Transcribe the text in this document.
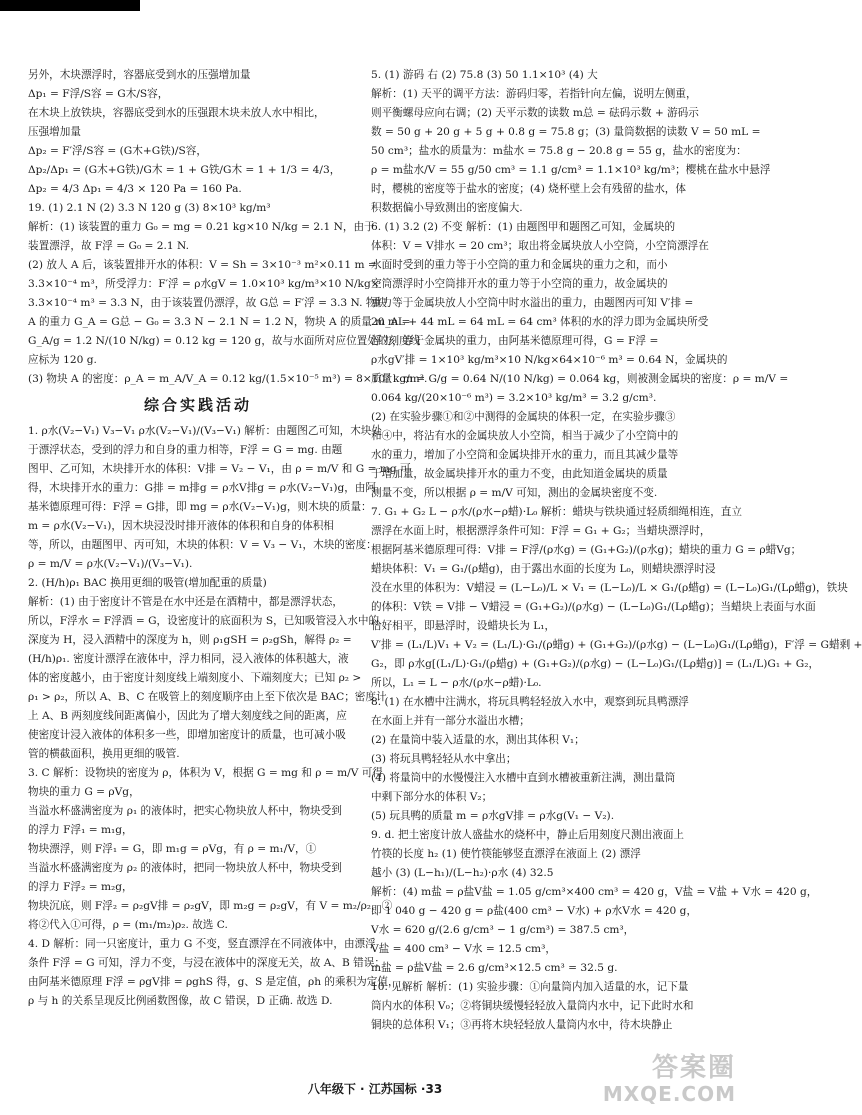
另外，木块漂浮时，容器底受到水的压强增加量
Δp₁ = F浮/S容 = G木/S容，
在木块上放铁块，容器底受到水的压强跟木块未放人水中相比，
压强增加量
Δp₂ = F′浮/S容 = (G木+G铁)/S容，
Δp₂/Δp₁ = (G木+G铁)/G木 = 1 + G铁/G木 = 1 + 1/3 = 4/3，
Δp₂ = 4/3 Δp₁ = 4/3 × 120 Pa = 160 Pa.
19. (1) 2.1 N (2) 3.3 N 120 g (3) 8×10³ kg/m³
解析：(1) 该装置的重力 G₀ = mg = 0.21 kg×10 N/kg = 2.1 N，由于
装置漂浮，故 F浮 = G₀ = 2.1 N.
(2) 放人 A 后，该装置排开水的体积：V = Sh = 3×10⁻³ m²×0.11 m =
3.3×10⁻⁴ m³，所受浮力：F′浮 = ρ水gV = 1.0×10³ kg/m³×10 N/kg×
3.3×10⁻⁴ m³ = 3.3 N，由于该装置仍漂浮，故 G总 = F′浮 = 3.3 N. 物块
A 的重力 G_A = G总 − G₀ = 3.3 N − 2.1 N = 1.2 N，物块 A 的质量 m_A =
G_A/g = 1.2 N/(10 N/kg) = 0.12 kg = 120 g，故与水面所对应位置处的刻度线
应标为 120 g.
(3) 物块 A 的密度：ρ_A = m_A/V_A = 0.12 kg/(1.5×10⁻⁵ m³) = 8×10³ kg/m³.
综合实践活动
1. ρ水(V₂−V₁) V₃−V₁ ρ水(V₂−V₁)/(V₃−V₁) 解析：由题图乙可知，木块处
于漂浮状态，受到的浮力和自身的重力相等，F浮 = G = mg. 由题
图甲、乙可知，木块排开水的体积：V排 = V₂ − V₁，由 ρ = m/V 和 G = mg 可
得，木块排开水的重力：G排 = m排g = ρ水V排g = ρ水(V₂−V₁)g，由阿
基米德原理可得：F浮 = G排，即 mg = ρ水(V₂−V₁)g，则木块的质量：
m = ρ水(V₂−V₁)，因木块浸没时排开液体的体积和自身的体积相
等，所以，由题图甲、丙可知，木块的体积：V = V₃ − V₁，木块的密度：
ρ = m/V = ρ水(V₂−V₁)/(V₃−V₁).
2. (H/h)ρ₁ BAC 换用更细的吸管(增加配重的质量)
解析：(1) 由于密度计不管是在水中还是在酒精中，都是漂浮状态，
所以，F浮水 = F浮酒 = G，设密度计的底面积为 S，已知吸管浸入水中的
深度为 H，浸入酒精中的深度为 h，则 ρ₁gSH = ρ₂gSh，解得 ρ₂ =
(H/h)ρ₁. 密度计漂浮在液体中，浮力相同，浸入液体的体积越大，液
体的密度越小，由于密度计刻度线上端刻度小、下端刻度大；已知 ρ₂ >
ρ₁ > ρ₂，所以 A、B、C 在吸管上的刻度顺序由上至下依次是 BAC；密度计
上 A、B 两刻度线间距离偏小，因此为了增大刻度线之间的距离，应
使密度计浸入液体的体积多一些，即增加密度计的质量，也可减小吸
管的横截面积，换用更细的吸管.
3. C 解析：设物块的密度为 ρ，体积为 V，根据 G = mg 和 ρ = m/V 可得
物块的重力 G = ρVg，
当溢水杯盛满密度为 ρ₁ 的液体时，把实心物块放人杯中，物块受到
的浮力 F浮₁ = m₁g，
物块漂浮，则 F浮₁ = G，即 m₁g = ρVg，有 ρ = m₁/V，①
当溢水杯盛满密度为 ρ₂ 的液体时，把同一物块放人杯中，物块受到
的浮力 F浮₂ = m₂g，
物块沉底，则 F浮₂ = ρ₂gV排 = ρ₂gV，即 m₂g = ρ₂gV，有 V = m₂/ρ₂，②
将②代入①可得，ρ = (m₁/m₂)ρ₂. 故选 C.
4. D 解析：同一只密度计，重力 G 不变，竖直漂浮在不同液体中，由漂浮
条件 F浮 = G 可知，浮力不变，与浸在液体中的深度无关，故 A、B 错误；
由阿基米德原理 F浮 = ρgV排 = ρghS 得，g、S 是定值，ρh 的乘积为定值，
ρ 与 h 的关系呈现反比例函数图像，故 C 错误，D 正确. 故选 D.
5. (1) 游码 右 (2) 75.8 (3) 50 1.1×10³ (4) 大
解析：(1) 天平的调平方法：游码归零，若指针向左偏，说明左侧重，
则平衡螺母应向右调；(2) 天平示数的读数 m总 = 砝码示数 + 游码示
数 = 50 g + 20 g + 5 g + 0.8 g = 75.8 g；(3) 量筒数据的读数 V = 50 mL =
50 cm³；盐水的质量为：m盐水 = 75.8 g − 20.8 g = 55 g，盐水的密度为：
ρ = m盐水/V = 55 g/50 cm³ = 1.1 g/cm³ = 1.1×10³ kg/m³；樱桃在盐水中悬浮
时，樱桃的密度等于盐水的密度；(4) 烧杯壁上会有残留的盐水，体
积数据偏小导致测出的密度偏大.
6. (1) 3.2 (2) 不变 解析：(1) 由题图甲和题图乙可知，金属块的
体积：V = V排水 = 20 cm³；取出将金属块放人小空筒，小空筒漂浮在
水面时受到的重力等于小空筒的重力和金属块的重力之和，而小
空筒漂浮时小空筒排开水的重力等于小空筒的重力，故金属块的
重力等于金属块放人小空筒中时水溢出的重力，由题图丙可知 V′排 =
20 mL + 44 mL = 64 mL = 64 cm³ 体积的水的浮力即为金属块所受
浮力，等于金属块的重力，由阿基米德原理可得，G = F浮 =
ρ水gV′排 = 1×10³ kg/m³×10 N/kg×64×10⁻⁶ m³ = 0.64 N，金属块的
质量：m = G/g = 0.64 N/(10 N/kg) = 0.064 kg，则被测金属块的密度：ρ = m/V =
0.064 kg/(20×10⁻⁶ m³) = 3.2×10³ kg/m³ = 3.2 g/cm³.
(2) 在实验步骤①和②中测得的金属块的体积一定，在实验步骤③
和④中，将沾有水的金属块放人小空筒，相当于减少了小空筒中的
水的重力，增加了小空筒和金属块排开水的重力，而且其减少量等
于增加量，故金属块排开水的重力不变，由此知道金属块的质量
测量不变，所以根据 ρ = m/V 可知，测出的金属块密度不变.
7. G₁ + G₂ L − ρ水/(ρ水−ρ蜡)·L₀ 解析：蜡块与铁块通过轻质细绳相连，直立
漂浮在水面上时，根据漂浮条件可知：F浮 = G₁ + G₂；当蜡块漂浮时，
根据阿基米德原理可得：V排 = F浮/(ρ水g) = (G₁+G₂)/(ρ水g)；蜡块的重力 G = ρ蜡Vg；
蜡块体积：V₁ = G₁/(ρ蜡g)，由于露出水面的长度为 L₀，则蜡块漂浮时浸
没在水里的体积为：V蜡浸 = (L−L₀)/L × V₁ = (L−L₀)/L × G₁/(ρ蜡g) = (L−L₀)G₁/(Lρ蜡g)，铁块
的体积：V铁 = V排 − V蜡浸 = (G₁+G₂)/(ρ水g) − (L−L₀)G₁/(Lρ蜡g)；当蜡块上表面与水面
恰好相平，即悬浮时，设蜡块长为 L₁，
V′排 = (L₁/L)V₁ + V₂ = (L₁/L)·G₁/(ρ蜡g) + (G₁+G₂)/(ρ水g) − (L−L₀)G₁/(Lρ蜡g)，F′浮 = G蜡剩 +
G₂，即 ρ水g[(L₁/L)·G₁/(ρ蜡g) + (G₁+G₂)/(ρ水g) − (L−L₀)G₁/(Lρ蜡g)] = (L₁/L)G₁ + G₂，
所以，L₁ = L − ρ水/(ρ水−ρ蜡)·L₀.
8. (1) 在水槽中注满水，将玩具鸭轻轻放入水中，观察到玩具鸭漂浮
在水面上并有一部分水溢出水槽；
(2) 在量筒中装入适量的水，测出其体积 V₁；
(3) 将玩具鸭轻轻从水中拿出；
(4) 将量筒中的水慢慢注入水槽中直到水槽被重新注满，测出量筒
中剩下部分水的体积 V₂；
(5) 玩具鸭的质量 m = ρ水gV排 = ρ水g(V₁ − V₂).
9. d. 把土密度计放人盛盐水的烧杯中，静止后用刻度尺测出液面上
竹筷的长度 h₂ (1) 使竹筷能够竖直漂浮在液面上 (2) 漂浮
越小 (3) (L−h₁)/(L−h₂)·ρ水 (4) 32.5
解析：(4) m盐 = ρ盐V盐 = 1.05 g/cm³×400 cm³ = 420 g，V盐 = V盐 + V水 = 420 g，
即 1 040 g − 420 g = ρ盐(400 cm³ − V水) + ρ水V水 = 420 g，
V水 = 620 g/(2.6 g/cm³ − 1 g/cm³) = 387.5 cm³，
V盐 = 400 cm³ − V水 = 12.5 cm³，
m盐 = ρ盐V盐 = 2.6 g/cm³×12.5 cm³ = 32.5 g.
10. 见解析 解析：(1) 实验步骤：①向量筒内加入适量的水，记下量
筒内水的体积 V₀；②将铜块缓慢轻轻放入量筒内水中，记下此时水和
铜块的总体积 V₁；③再将木块轻轻放人量筒内水中，待木块静止
八年级下 · 江苏国标 ·33
答案圈
MXQE.COM
